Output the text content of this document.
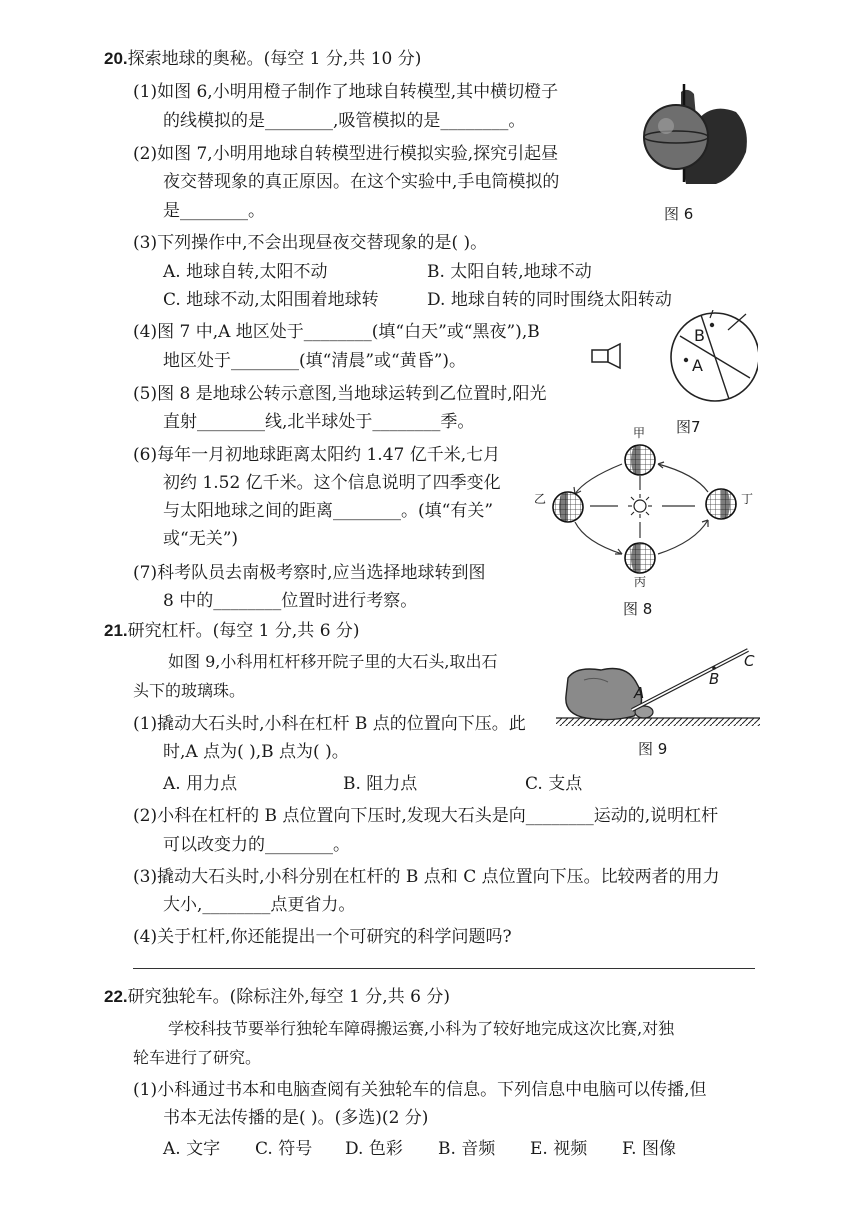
20.探索地球的奥秘。(每空 1 分,共 10 分)
(1)如图 6,小明用橙子制作了地球自转模型,其中横切橙子
的线模拟的是________,吸管模拟的是________。
(2)如图 7,小明用地球自转模型进行模拟实验,探究引起昼
夜交替现象的真正原因。在这个实验中,手电筒模拟的
是________。
(3)下列操作中,不会出现昼夜交替现象的是( )。
A. 地球自转,太阳不动	B. 太阳自转,地球不动
C. 地球不动,太阳围着地球转	D. 地球自转的同时围绕太阳转动
(4)图 7 中,A 地区处于________(填“白天”或“黑夜”),B
地区处于________(填“清晨”或“黄昏”)。
(5)图 8 是地球公转示意图,当地球运转到乙位置时,阳光
直射________线,北半球处于________季。
(6)每年一月初地球距离太阳约 1.47 亿千米,七月
初约 1.52 亿千米。这个信息说明了四季变化
与太阳地球之间的距离________。(填“有关”
或“无关”)
(7)科考队员去南极考察时,应当选择地球转到图
8 中的________位置时进行考察。
图 6
B
A
图7
甲
乙
丙
丁
图 8
21.研究杠杆。(每空 1 分,共 6 分)
如图 9,小科用杠杆移开院子里的大石头,取出石
头下的玻璃珠。
(1)撬动大石头时,小科在杠杆 B 点的位置向下压。此
时,A 点为( ),B 点为( )。
A. 用力点	B. 阻力点	C. 支点
(2)小科在杠杆的 B 点位置向下压时,发现大石头是向________运动的,说明杠杆
可以改变力的________。
(3)撬动大石头时,小科分别在杠杆的 B 点和 C 点位置向下压。比较两者的用力
大小,________点更省力。
(4)关于杠杆,你还能提出一个可研究的科学问题吗?
A
B
C
图 9
22.研究独轮车。(除标注外,每空 1 分,共 6 分)
学校科技节要举行独轮车障碍搬运赛,小科为了较好地完成这次比赛,对独
轮车进行了研究。
(1)小科通过书本和电脑查阅有关独轮车的信息。下列信息中电脑可以传播,但
书本无法传播的是( )。(多选)(2 分)
A. 文字 C. 符号 D. 色彩 B. 音频 E. 视频 F. 图像
